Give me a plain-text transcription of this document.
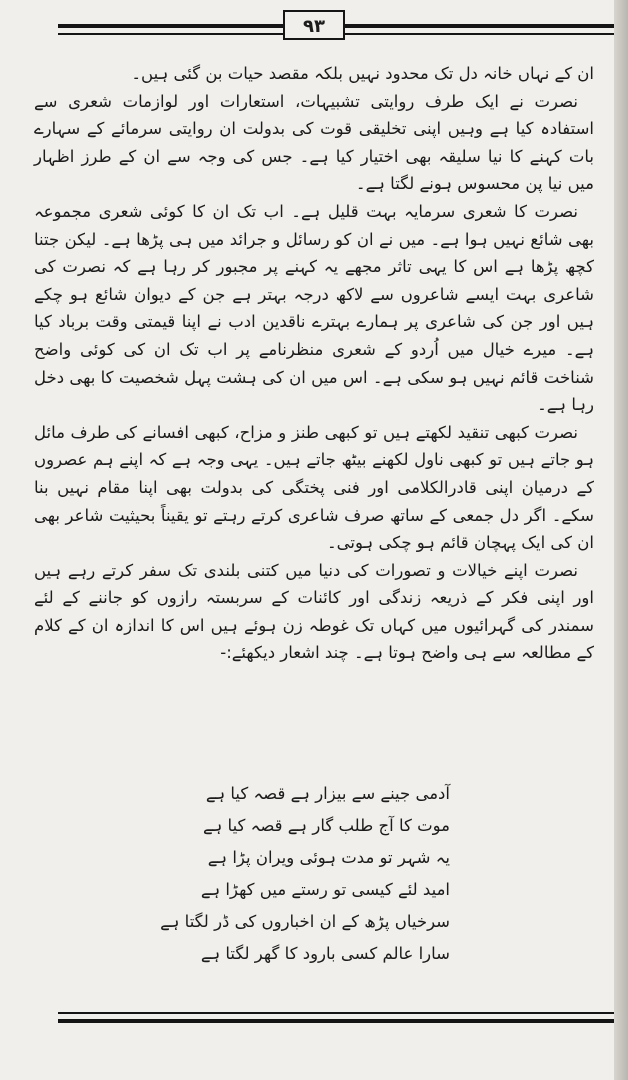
۹۳

ان کے نہاں خانہ دل تک محدود نہیں بلکہ مقصد حیات بن گئی ہیں۔

نصرت نے ایک طرف روایتی تشبیہات، استعارات اور لوازمات شعری سے استفادہ کیا ہے وہیں اپنی تخلیقی قوت کی بدولت ان روایتی سرمائے کے سہارے بات کہنے کا نیا سلیقہ بھی اختیار کیا ہے۔ جس کی وجہ سے ان کے طرز اظہار میں نیا پن محسوس ہونے لگتا ہے۔

نصرت کا شعری سرمایہ بہت قلیل ہے۔ اب تک ان کا کوئی شعری مجموعہ بھی شائع نہیں ہوا ہے۔ میں نے ان کو رسائل و جرائد میں ہی پڑھا ہے۔ لیکن جتنا کچھ پڑھا ہے اس کا یہی تاثر مجھے یہ کہنے پر مجبور کر رہا ہے کہ نصرت کی شاعری بہت ایسے شاعروں سے لاکھ درجہ بہتر ہے جن کے دیوان شائع ہو چکے ہیں اور جن کی شاعری پر ہمارے بہترے ناقدین ادب نے اپنا قیمتی وقت برباد کیا ہے۔ میرے خیال میں اُردو کے شعری منظرنامے پر اب تک ان کی کوئی واضح شناخت قائم نہیں ہو سکی ہے۔ اس میں ان کی ہشت پہل شخصیت کا بھی دخل رہا ہے۔

نصرت کبھی تنقید لکھتے ہیں تو کبھی طنز و مزاح، کبھی افسانے کی طرف مائل ہو جاتے ہیں تو کبھی ناول لکھنے بیٹھ جاتے ہیں۔ یہی وجہ ہے کہ اپنے ہم عصروں کے درمیان اپنی قادرالکلامی اور فنی پختگی کی بدولت بھی اپنا مقام نہیں بنا سکے۔ اگر دل جمعی کے ساتھ صرف شاعری کرتے رہتے تو یقیناً بحیثیت شاعر بھی ان کی ایک پہچان قائم ہو چکی ہوتی۔

نصرت اپنے خیالات و تصورات کی دنیا میں کتنی بلندی تک سفر کرتے رہے ہیں اور اپنی فکر کے ذریعہ زندگی اور کائنات کے سربستہ رازوں کو جاننے کے لئے سمندر کی گہرائیوں میں کہاں تک غوطہ زن ہوئے ہیں اس کا اندازہ ان کے کلام کے مطالعہ سے ہی واضح ہوتا ہے۔ چند اشعار دیکھئے:-

آدمی جینے سے بیزار ہے قصہ کیا ہے
موت کا آج طلب گار ہے قصہ کیا ہے
یہ شہر تو مدت ہوئی ویران پڑا ہے
امید لئے کیسی تو رستے میں کھڑا ہے
سرخیاں پڑھ کے ان اخباروں کی ڈر لگتا ہے
سارا عالم کسی بارود کا گھر لگتا ہے
